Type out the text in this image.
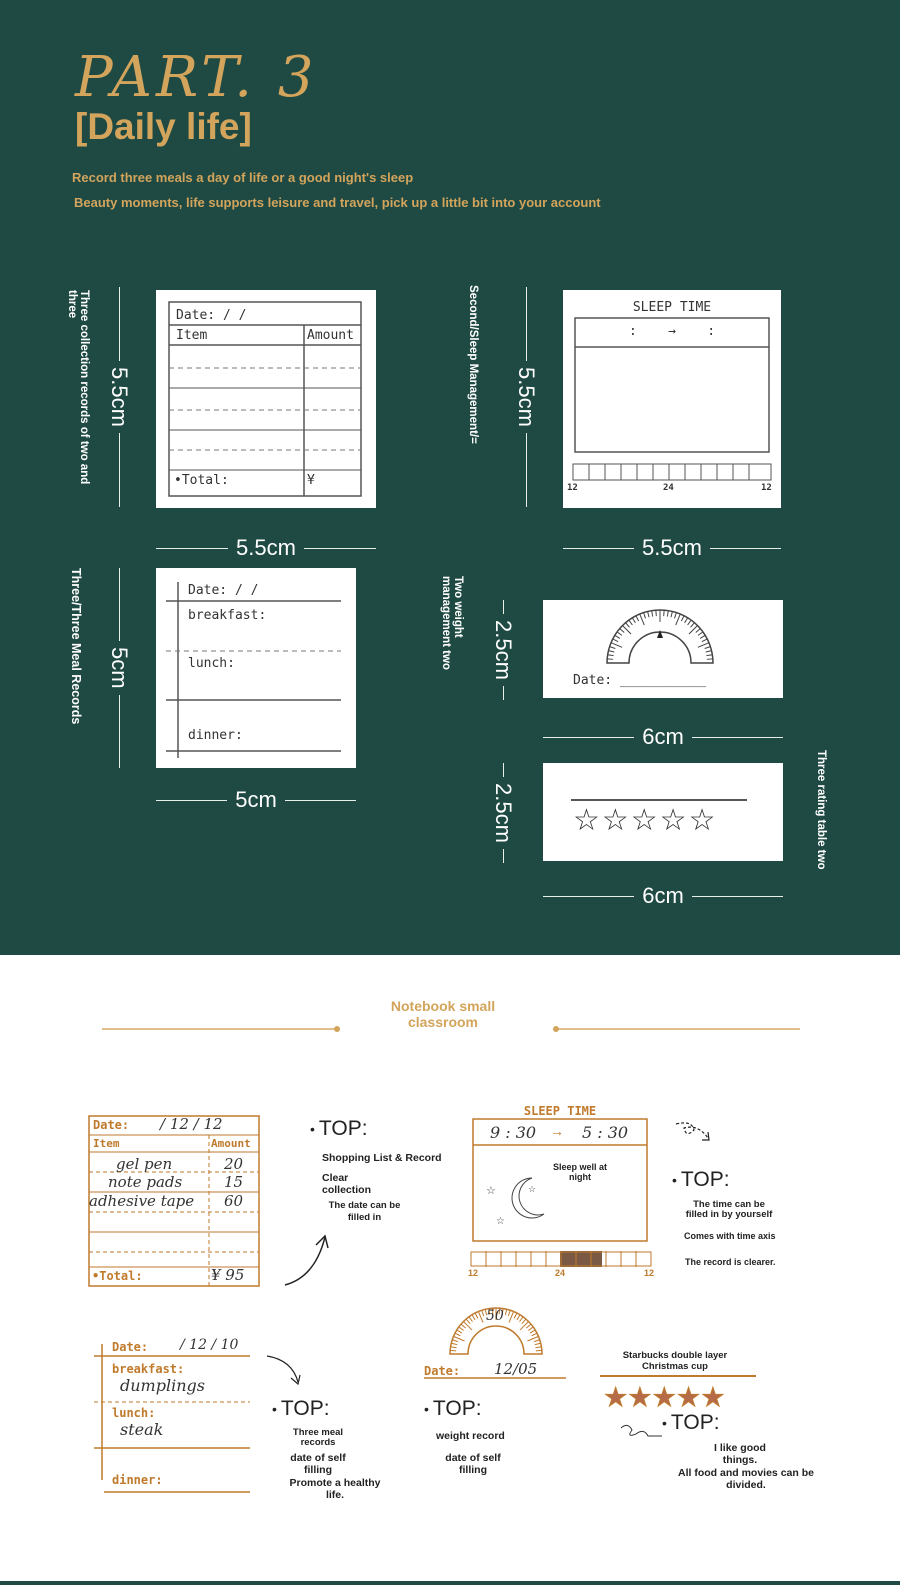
PART. 3
[Daily life]
Record three meals a day of life or a good night's sleep
Beauty moments, life supports leisure and travel, pick up a little bit into your account
Three collection records of two and three
5.5cm
Date: / /
Item	Amount
•Total:	¥
5.5cm
Second/Sleep Management/= 5.5cm
SLEEP TIME
:    →    :
12	24	12
5.5cm
Three/Three Meal Records 5cm
Date: / /
breakfast:
lunch:
dinner:
5cm
Two weight management two	2.5cm
Date: ___________
6cm
2.5cm ☆☆☆☆☆
6cm
Three rating table two
Notebook small classroom
Date: / 12 / 12
Item	Amount
gel pen	20
note pads	15
adhesive tape 60
•Total:	¥ 95
• TOP:
Shopping List & Record
Clear collection
The date can be filled in
SLEEP TIME
☆
☆
☆
9 : 30 → 5 : 30
Sleep well at night
12	24	12
• TOP:
The time can be filled in by yourself
Comes with time axis
The record is clearer.
Date: / 12 / 10
breakfast:
dumplings
lunch:
steak
dinner:
• TOP:
Three meal records
date of self filling
Promote a healthy life.
50
Date: 12/05
• TOP:
weight record
date of self filling
Starbucks double layer Christmas cup
★★★★★
• TOP:
I like good things.
All food and movies can be divided.
